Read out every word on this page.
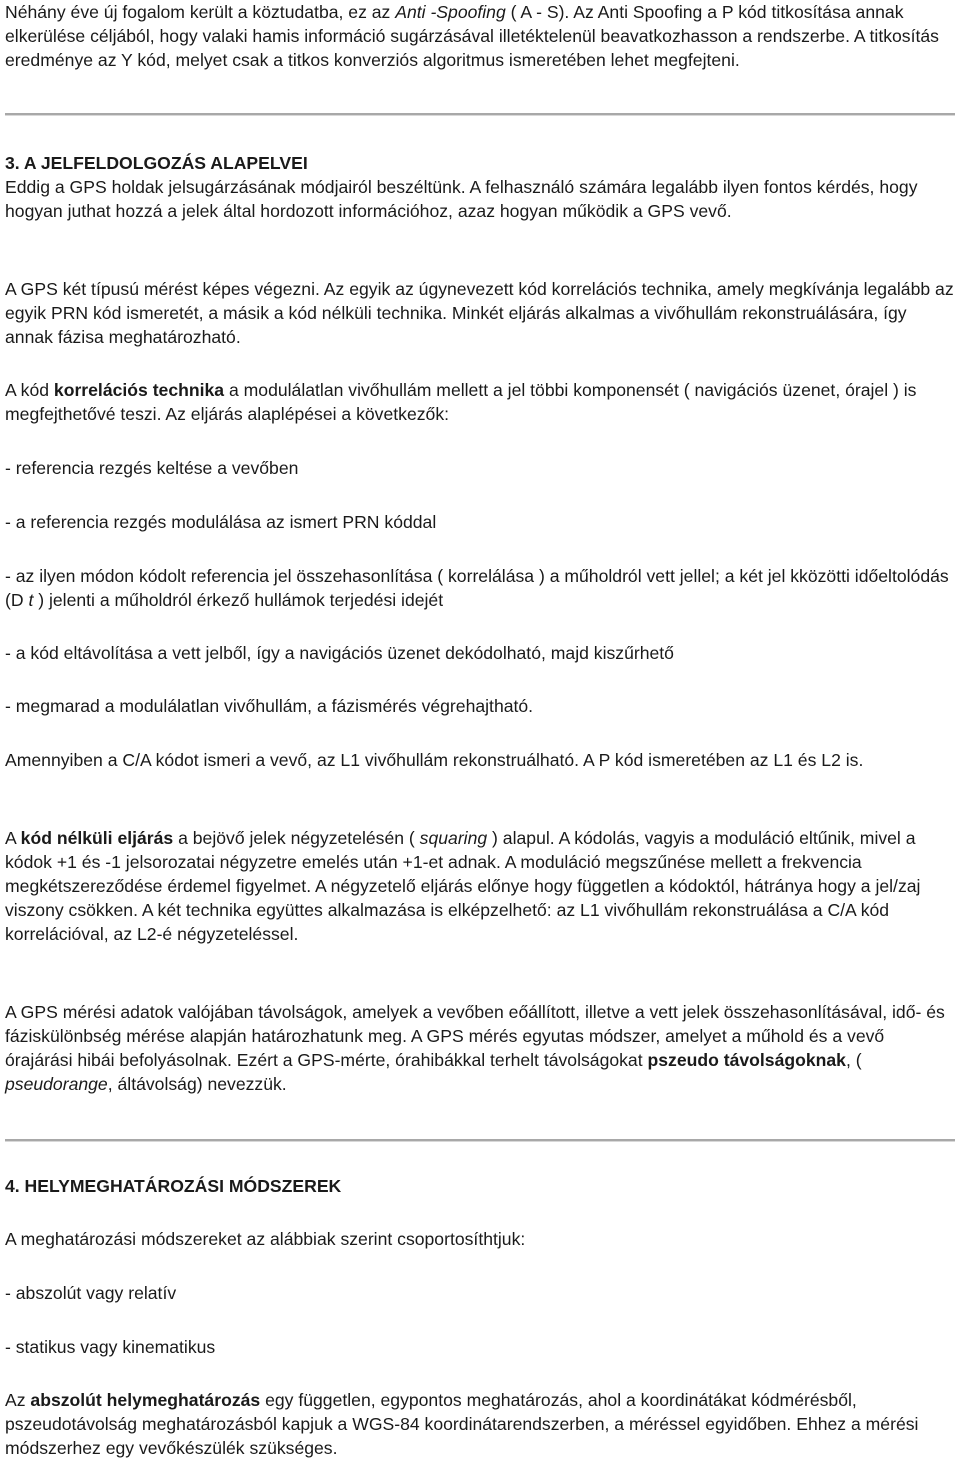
Néhány éve új fogalom került a köztudatba, ez az Anti -Spoofing ( A - S). Az Anti Spoofing a P kód titkosítása annak elkerülése céljából, hogy valaki hamis információ sugárzásával illetéktelenül beavatkozhasson a rendszerbe. A titkosítás eredménye az Y kód, melyet csak a titkos konverziós algoritmus ismeretében lehet megfejteni.

3. A JELFELDOLGOZÁS ALAPELVEI

Eddig a GPS holdak jelsugárzásának módjairól beszéltünk. A felhasználó számára legalább ilyen fontos kérdés, hogy hogyan juthat hozzá a jelek által hordozott információhoz, azaz hogyan működik a GPS vevő.

A GPS két típusú mérést képes végezni. Az egyik az úgynevezett kód korrelációs technika, amely megkívánja legalább az egyik PRN kód ismeretét, a másik a kód nélküli technika. Minkét eljárás alkalmas a vivőhullám rekonstruálására, így annak fázisa meghatározható.

A kód korrelációs technika a modulálatlan vivőhullám mellett a jel többi komponensét ( navigációs üzenet, órajel ) is megfejthetővé teszi. Az eljárás alaplépései a következők:

- referencia rezgés keltése a vevőben

- a referencia rezgés modulálása az ismert PRN kóddal

- az ilyen módon kódolt referencia jel összehasonlítása ( korrelálása ) a műholdról vett jellel; a két jel kközötti időeltolódás (D t ) jelenti a műholdról érkező hullámok terjedési idejét

- a kód eltávolítása a vett jelből, így a navigációs üzenet dekódolható, majd kiszűrhető

- megmarad a modulálatlan vivőhullám, a fázismérés végrehajtható.

Amennyiben a C/A kódot ismeri a vevő, az L1 vivőhullám rekonstruálható. A P kód ismeretében az L1 és L2 is.

A kód nélküli eljárás a bejövő jelek négyzetelésén ( squaring ) alapul. A kódolás, vagyis a moduláció eltűnik, mivel a kódok +1 és -1 jelsorozatai négyzetre emelés után +1-et adnak. A moduláció megszűnése mellett a frekvencia megkétszereződése érdemel figyelmet. A négyzetelő eljárás előnye hogy független a kódoktól, hátránya hogy a jel/zaj viszony csökken. A két technika együttes alkalmazása is elképzelhető: az L1 vivőhullám rekonstruálása a C/A kód korrelációval, az L2-é négyzeteléssel.

A GPS mérési adatok valójában távolságok, amelyek a vevőben eőállított, illetve a vett jelek összehasonlításával, idő- és fáziskülönbség mérése alapján határozhatunk meg. A GPS mérés egyutas módszer, amelyet a műhold és a vevő órajárási hibái befolyásolnak. Ezért a GPS-mérte, órahibákkal terhelt távolságokat pszeudo távolságoknak, ( pseudorange, áltávolság) nevezzük.

4. HELYMEGHATÁROZÁSI MÓDSZEREK

A meghatározási módszereket az alábbiak szerint csoportosíthtjuk:

- abszolút vagy relatív

- statikus vagy kinematikus

Az abszolút helymeghatározás egy független, egypontos meghatározás, ahol a koordinátákat kódmérésből, pszeudotávolság meghatározásból kapjuk a WGS-84 koordinátarendszerben, a méréssel egyidőben. Ehhez a mérési módszerhez egy vevőkészülék szükséges.
